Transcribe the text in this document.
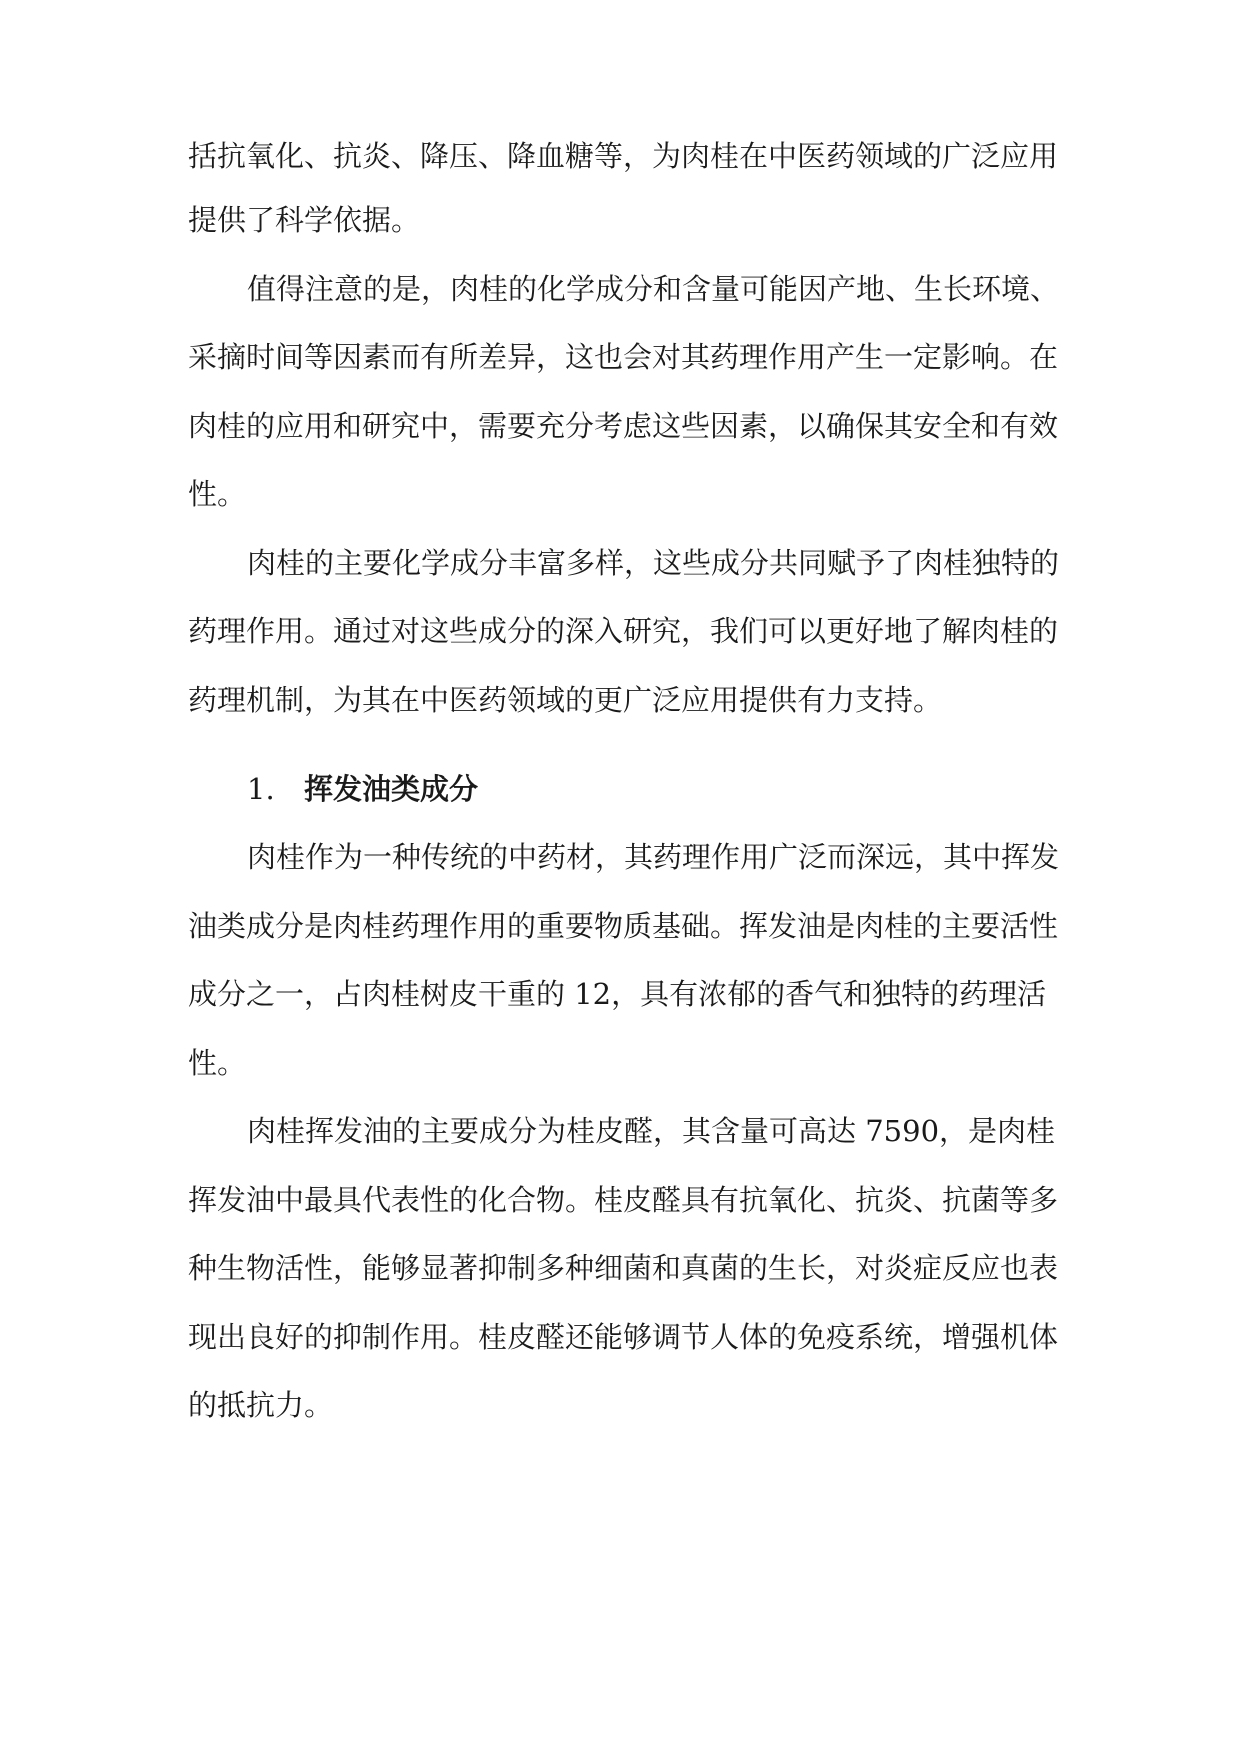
括抗氧化、抗炎、降压、降血糖等，为肉桂在中医药领域的广泛应用
提供了科学依据。
值得注意的是，肉桂的化学成分和含量可能因产地、生长环境、
采摘时间等因素而有所差异，这也会对其药理作用产生一定影响。在
肉桂的应用和研究中，需要充分考虑这些因素，以确保其安全和有效
性。
肉桂的主要化学成分丰富多样，这些成分共同赋予了肉桂独特的
药理作用。通过对这些成分的深入研究，我们可以更好地了解肉桂的
药理机制，为其在中医药领域的更广泛应用提供有力支持。
1. 挥发油类成分
肉桂作为一种传统的中药材，其药理作用广泛而深远，其中挥发
油类成分是肉桂药理作用的重要物质基础。挥发油是肉桂的主要活性
成分之一，占肉桂树皮干重的 12，具有浓郁的香气和独特的药理活
性。
肉桂挥发油的主要成分为桂皮醛，其含量可高达 7590，是肉桂
挥发油中最具代表性的化合物。桂皮醛具有抗氧化、抗炎、抗菌等多
种生物活性，能够显著抑制多种细菌和真菌的生长，对炎症反应也表
现出良好的抑制作用。桂皮醛还能够调节人体的免疫系统，增强机体
的抵抗力。
